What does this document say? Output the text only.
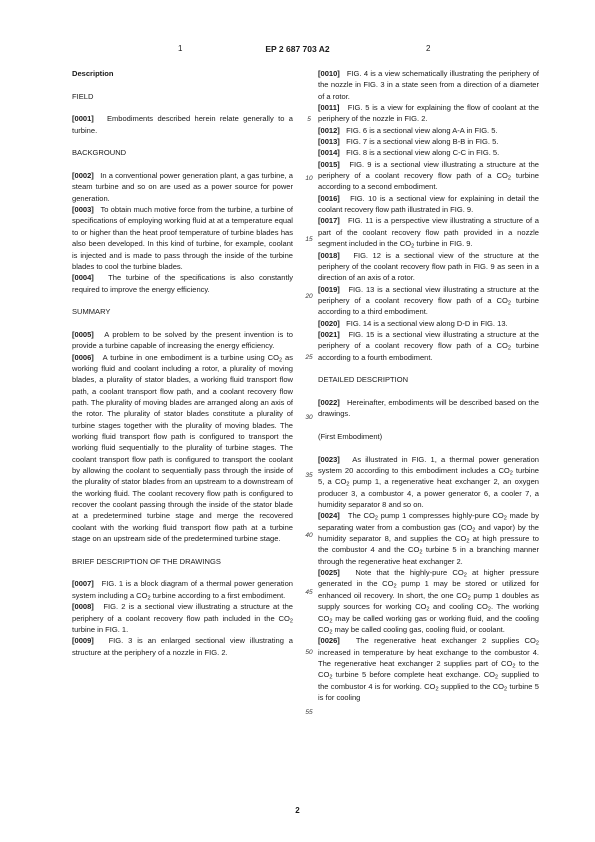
1	EP 2 687 703 A2	2

Description

FIELD

[0001] Embodiments described herein relate generally to a turbine.

BACKGROUND

[0002] In a conventional power generation plant, a gas turbine, a steam turbine and so on are used as a power source for power generation.

[0003] To obtain much motive force from the turbine, a turbine of specifications of employing working fluid at at a temperature equal to or higher than the heat proof temperature of turbine blades has also been developed. In this kind of turbine, for example, coolant is injected and is made to pass through the inside of the turbine blades to cool the turbine blades.

[0004] The turbine of the specifications is also constantly required to improve the energy efficiency.

SUMMARY

[0005] A problem to be solved by the present invention is to provide a turbine capable of increasing the energy efficiency.

[0006] A turbine in one embodiment is a turbine using $CO_2$ as working fluid and coolant including a rotor, a plurality of moving blades, a plurality of stator blades, a working fluid transport flow path, a coolant transport flow path, and a coolant recovery flow path. The plurality of moving blades are arranged along an axis of the rotor. The plurality of stator blades constitute a plurality of turbine stages together with the plurality of moving blades. The working fluid transport flow path is configured to transport the working fluid sequentially to the plurality of turbine stages. The coolant transport flow path is configured to transport the coolant by allowing the coolant to sequentially pass through the inside of the plurality of stator blades from an upstream to a downstream of the working fluid. The coolant recovery flow path is configured to recover the coolant passing through the inside of the stator blade at a predetermined turbine stage and merge the recovered coolant with the working fluid transport flow path at a turbine stage on an upstream side of the predetermined turbine stage.

BRIEF DESCRIPTION OF THE DRAWINGS

[0007] FIG. 1 is a block diagram of a thermal power generation system including a $CO_2$ turbine according to a first embodiment.

[0008] FIG. 2 is a sectional view illustrating a structure at the periphery of a coolant recovery flow path included in the $CO_2$ turbine in FIG. 1.

[0009] FIG. 3 is an enlarged sectional view illustrating a structure at the periphery of a nozzle in FIG. 2.

5
10
15
20
25
30
35
40
45
50
55

[0010] FIG. 4 is a view schematically illustrating the periphery of the nozzle in FIG. 3 in a state seen from a direction of a diameter of a rotor.

[0011] FIG. 5 is a view for explaining the flow of coolant at the periphery of the nozzle in FIG. 2.

[0012] FIG. 6 is a sectional view along A-A in FIG. 5.

[0013] FIG. 7 is a sectional view along B-B in FIG. 5.

[0014] FIG. 8 is a sectional view along C-C in FIG. 5.

[0015] FIG. 9 is a sectional view illustrating a structure at the periphery of a coolant recovery flow path of a $CO_2$ turbine according to a second embodiment.

[0016] FIG. 10 is a sectional view for explaining in detail the coolant recovery flow path illustrated in FIG. 9.

[0017] FIG. 11 is a perspective view illustrating a structure of a part of the coolant recovery flow path provided in a nozzle segment included in the $CO_2$ turbine in FIG. 9.

[0018] FIG. 12 is a sectional view of the structure at the periphery of the coolant recovery flow path in FIG. 9 as seen in a direction of an axis of a rotor.

[0019] FIG. 13 is a sectional view illustrating a structure at the periphery of a coolant recovery flow path of a $CO_2$ turbine according to a third embodiment.

[0020] FIG. 14 is a sectional view along D-D in FIG. 13.

[0021] FIG. 15 is a sectional view illustrating a structure at the periphery of a coolant recovery flow path of a $CO_2$ turbine according to a fourth embodiment.

DETAILED DESCRIPTION

[0022] Hereinafter, embodiments will be described based on the drawings.

(First Embodiment)

[0023] As illustrated in FIG. 1, a thermal power generation system 20 according to this embodiment includes a $CO_2$ turbine 5, a $CO_2$ pump 1, a regenerative heat exchanger 2, an oxygen producer 3, a combustor 4, a power generator 6, a cooler 7, a humidity separator 8 and so on.

[0024] The $CO_2$ pump 1 compresses highly-pure $CO_2$ made by separating water from a combustion gas ($CO_2$ and vapor) by the humidity separator 8, and supplies the $CO_2$ at high pressure to the combustor 4 and the $CO_2$ turbine 5 in a branching manner through the regenerative heat exchanger 2.

[0025] Note that the highly-pure $CO_2$ at higher pressure generated in the $CO_2$ pump 1 may be stored or utilized for enhanced oil recovery. In short, the one $CO_2$ pump 1 doubles as supply sources for working $CO_2$ and cooling $CO_2$. The working $CO_2$ may be called working gas or working fluid, and the cooling $CO_2$ may be called cooling gas, cooling fluid, or coolant.

[0026] The regenerative heat exchanger 2 supplies $CO_2$ increased in temperature by heat exchange to the combustor 4. The regenerative heat exchanger 2 supplies part of $CO_2$ to the $CO_2$ turbine 5 before complete heat exchange. $CO_2$ supplied to the combustor 4 is for working. $CO_2$ supplied to the $CO_2$ turbine 5 is for cooling

2
